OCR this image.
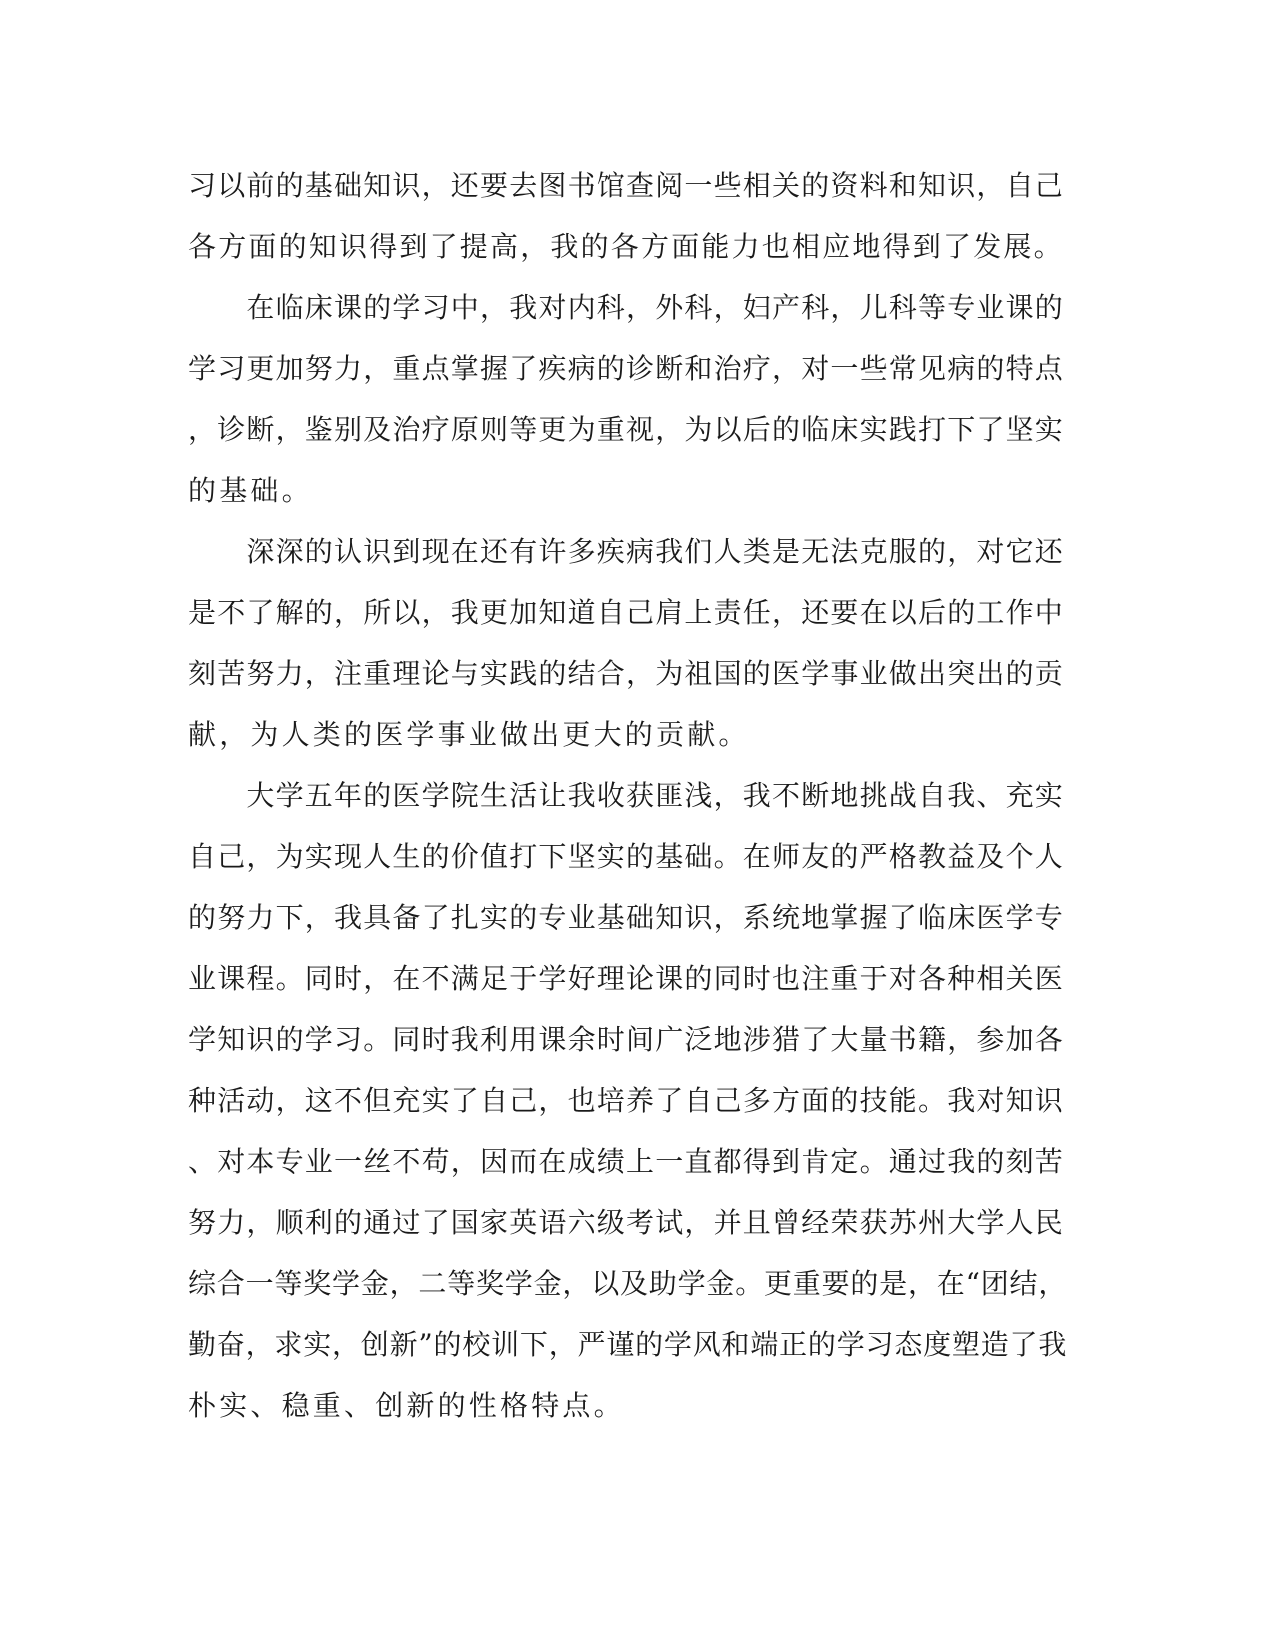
习以前的基础知识，还要去图书馆查阅一些相关的资料和知识，自己
各方面的知识得到了提高，我的各方面能力也相应地得到了发展。
　　在临床课的学习中，我对内科，外科，妇产科，儿科等专业课的
学习更加努力，重点掌握了疾病的诊断和治疗，对一些常见病的特点
，诊断，鉴别及治疗原则等更为重视，为以后的临床实践打下了坚实
的基础。
　　深深的认识到现在还有许多疾病我们人类是无法克服的，对它还
是不了解的，所以，我更加知道自己肩上责任，还要在以后的工作中
刻苦努力，注重理论与实践的结合，为祖国的医学事业做出突出的贡
献，为人类的医学事业做出更大的贡献。
　　大学五年的医学院生活让我收获匪浅，我不断地挑战自我、充实
自己，为实现人生的价值打下坚实的基础。在师友的严格教益及个人
的努力下，我具备了扎实的专业基础知识，系统地掌握了临床医学专
业课程。同时，在不满足于学好理论课的同时也注重于对各种相关医
学知识的学习。同时我利用课余时间广泛地涉猎了大量书籍，参加各
种活动，这不但充实了自己，也培养了自己多方面的技能。我对知识
、对本专业一丝不苟，因而在成绩上一直都得到肯定。通过我的刻苦
努力，顺利的通过了国家英语六级考试，并且曾经荣获苏州大学人民
综合一等奖学金，二等奖学金，以及助学金。更重要的是，在“团结，
勤奋，求实，创新”的校训下，严谨的学风和端正的学习态度塑造了我
朴实、稳重、创新的性格特点。
